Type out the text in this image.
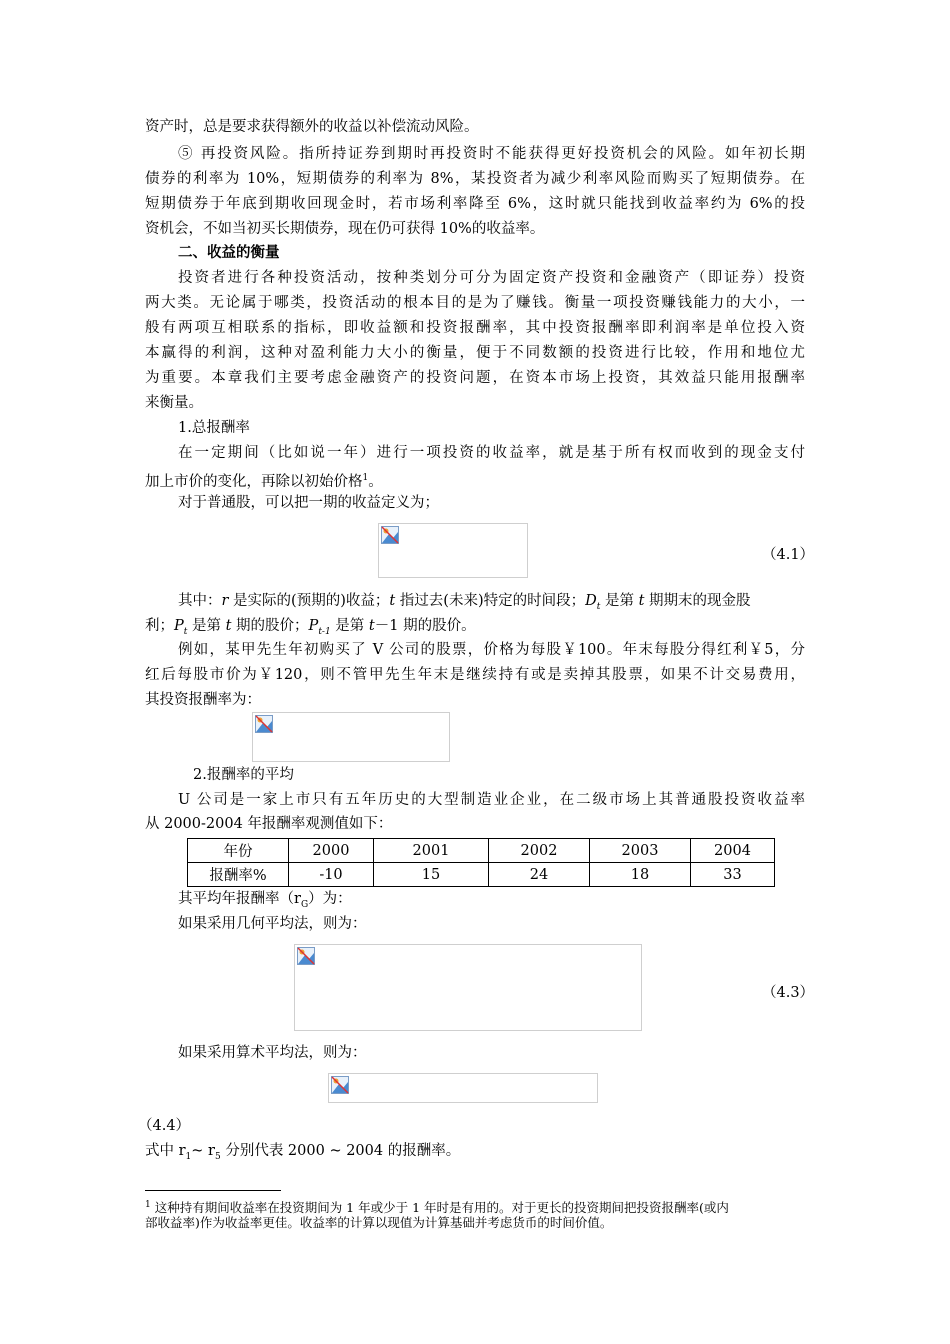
资产时，总是要求获得额外的收益以补偿流动风险。
⑤ 再投资风险。指所持证券到期时再投资时不能获得更好投资机会的风险。如年初长期
债券的利率为 10%，短期债券的利率为 8%，某投资者为减少利率风险而购买了短期债券。在
短期债券于年底到期收回现金时，若市场利率降至 6%，这时就只能找到收益率约为 6%的投
资机会，不如当初买长期债券，现在仍可获得 10%的收益率。
二、收益的衡量
投资者进行各种投资活动，按种类划分可分为固定资产投资和金融资产（即证券）投资
两大类。无论属于哪类，投资活动的根本目的是为了赚钱。衡量一项投资赚钱能力的大小，一
般有两项互相联系的指标，即收益额和投资报酬率，其中投资报酬率即利润率是单位投入资
本赢得的利润，这种对盈利能力大小的衡量，便于不同数额的投资进行比较，作用和地位尤
为重要。本章我们主要考虑金融资产的投资问题，在资本市场上投资，其效益只能用报酬率
来衡量。
1.总报酬率
在一定期间（比如说一年）进行一项投资的收益率，就是基于所有权而收到的现金支付
加上市价的变化，再除以初始价格$^1$。
对于普通股，可以把一期的收益定义为；
（4.1）
其中：r 是实际的(预期的)收益；t 指过去(未来)特定的时间段；$D_t$ 是第 t 期期末的现金股
利；$P_t$ 是第 t 期的股价；$P_{t-1}$ 是第 t－1 期的股价。
例如，某甲先生年初购买了 V 公司的股票，价格为每股￥100。年末每股分得红利￥5，分
红后每股市价为￥120，则不管甲先生年末是继续持有或是卖掉其股票，如果不计交易费用，
其投资报酬率为：
2.报酬率的平均
U 公司是一家上市只有五年历史的大型制造业企业，在二级市场上其普通股投资收益率
从 2000-2004 年报酬率观测值如下：
年份	2000	2001	2002	2003	2004
报酬率%	-10	15	24	18	33
其平均年报酬率$(r_G)$为：
如果采用几何平均法，则为：
（4.3）
如果采用算术平均法，则为：
（4.4）
式中 $r_1\sim$ $r_5$ 分别代表 2000 ~ 2004 的报酬率。
$^1$ 这种持有期间收益率在投资期间为 1 年或少于 1 年时是有用的。对于更长的投资期间把投资报酬率(或内
部收益率)作为收益率更佳。收益率的计算以现值为计算基础并考虑货币的时间价值。
